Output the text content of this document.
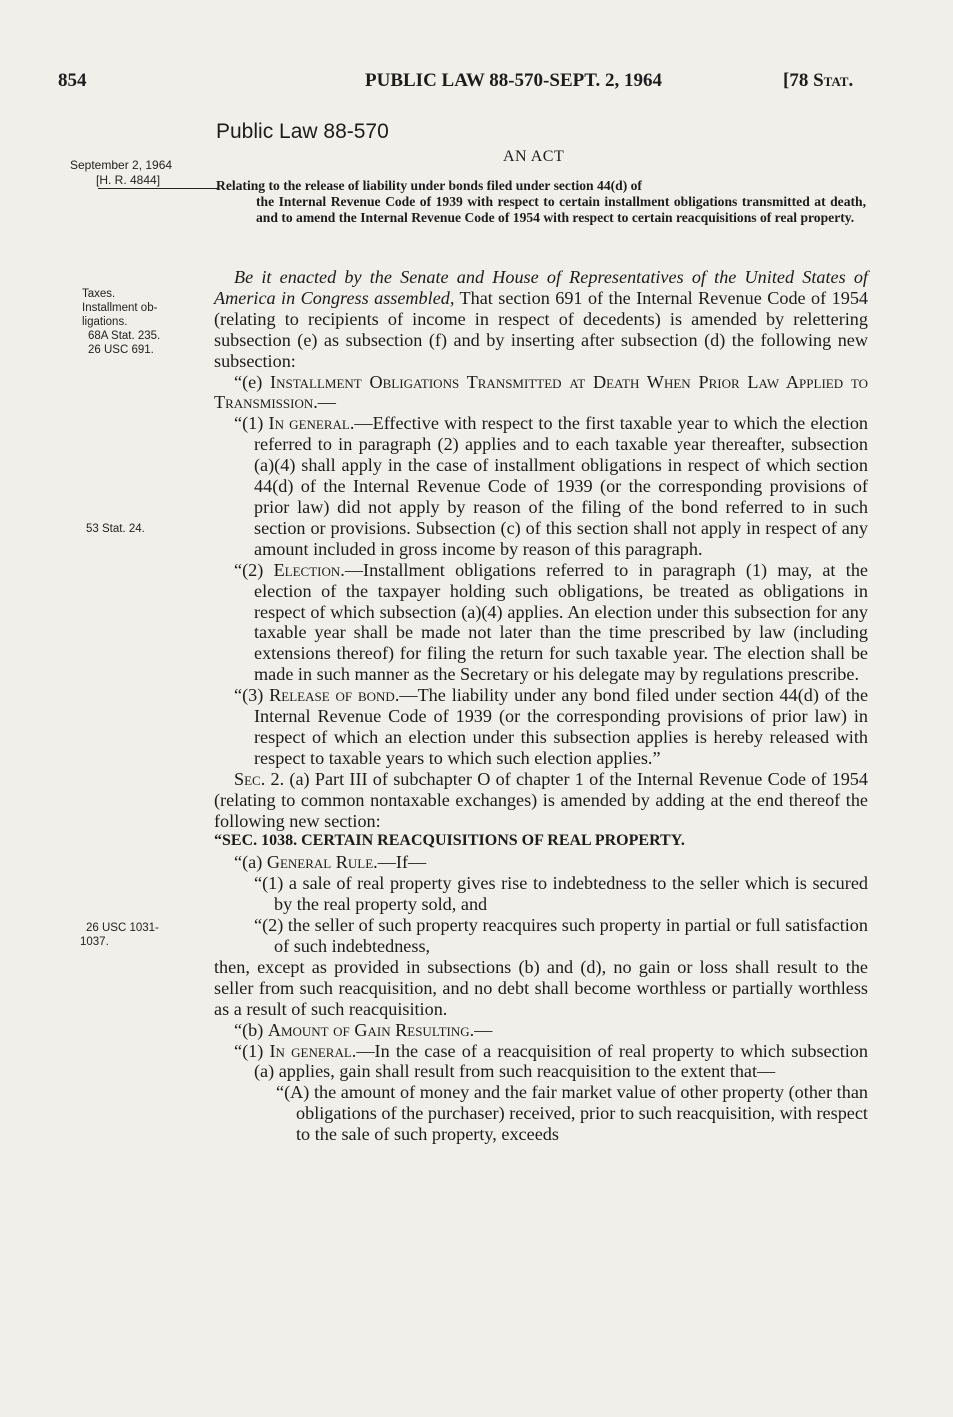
854	PUBLIC LAW 88-570-SEPT. 2, 1964	[78 Stat.
September 2, 1964
[H. R. 4844]
Taxes.
Installment ob-
ligations.
68A Stat. 235.
26 USC 691.
53 Stat. 24.
26 USC 1031-
1037.
Public Law 88-570
AN ACT
Relating to the release of liability under bonds filed under section 44(d) of
the Internal Revenue Code of 1939 with respect to certain installment obligations transmitted at death, and to amend the Internal Revenue Code of 1954 with respect to certain reacquisitions of real property.

Be it enacted by the Senate and House of Representatives of the United States of America in Congress assembled, That section 691 of the Internal Revenue Code of 1954 (relating to recipients of income in respect of decedents) is amended by relettering subsection (e) as subsection (f) and by inserting after subsection (d) the following new subsection:

“(e) Installment Obligations Transmitted at Death When Prior Law Applied to Transmission.—

“(1) In general.—Effective with respect to the first taxable year to which the election referred to in paragraph (2) applies and to each taxable year thereafter, subsection (a)(4) shall apply in the case of installment obligations in respect of which section 44(d) of the Internal Revenue Code of 1939 (or the corresponding provisions of prior law) did not apply by reason of the filing of the bond referred to in such section or provisions. Subsection (c) of this section shall not apply in respect of any amount included in gross income by reason of this paragraph.

“(2) Election.—Installment obligations referred to in paragraph (1) may, at the election of the taxpayer holding such obligations, be treated as obligations in respect of which subsection (a)(4) applies. An election under this subsection for any taxable year shall be made not later than the time prescribed by law (including extensions thereof) for filing the return for such taxable year. The election shall be made in such manner as the Secretary or his delegate may by regulations prescribe.

“(3) Release of bond.—The liability under any bond filed under section 44(d) of the Internal Revenue Code of 1939 (or the corresponding provisions of prior law) in respect of which an election under this subsection applies is hereby released with respect to taxable years to which such election applies.”

Sec. 2. (a) Part III of subchapter O of chapter 1 of the Internal Revenue Code of 1954 (relating to common nontaxable exchanges) is amended by adding at the end thereof the following new section:

“SEC. 1038. CERTAIN REACQUISITIONS OF REAL PROPERTY.

“(a) General Rule.—If—

“(1) a sale of real property gives rise to indebtedness to the seller which is secured by the real property sold, and

“(2) the seller of such property reacquires such property in partial or full satisfaction of such indebtedness,

then, except as provided in subsections (b) and (d), no gain or loss shall result to the seller from such reacquisition, and no debt shall become worthless or partially worthless as a result of such reacquisition.

“(b) Amount of Gain Resulting.—

“(1) In general.—In the case of a reacquisition of real property to which subsection (a) applies, gain shall result from such reacquisition to the extent that—

“(A) the amount of money and the fair market value of other property (other than obligations of the purchaser) received, prior to such reacquisition, with respect to the sale of such property, exceeds
